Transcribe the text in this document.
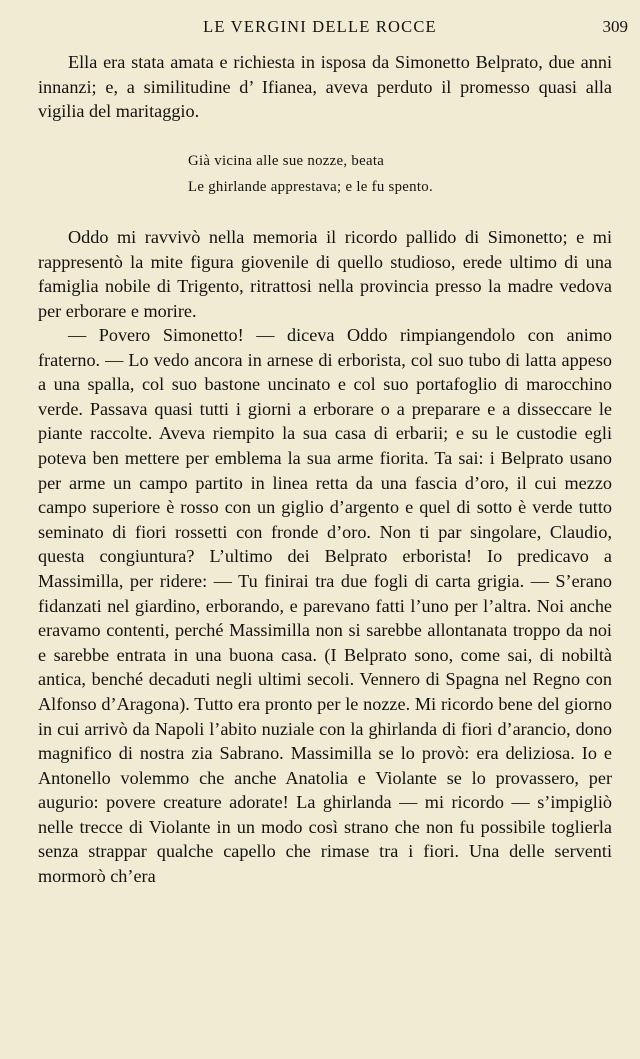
LE VERGINI DELLE ROCCE	309

Ella era stata amata e richiesta in isposa da Simonetto Belprato, due anni innanzi; e, a similitudine d’ Ifianea, aveva perduto il promesso quasi alla vigilia del maritaggio.

Già vicina alle sue nozze, beata
Le ghirlande apprestava; e le fu spento.

Oddo mi ravvivò nella memoria il ricordo pallido di Simonetto; e mi rappresentò la mite figura giovenile di quello studioso, erede ultimo di una famiglia nobile di Trigento, ritrattosi nella provincia presso la madre vedova per erborare e morire.

— Povero Simonetto! — diceva Oddo rimpiangendolo con animo fraterno. — Lo vedo ancora in arnese di erborista, col suo tubo di latta appeso a una spalla, col suo bastone uncinato e col suo portafoglio di marocchino verde. Passava quasi tutti i giorni a erborare o a preparare e a disseccare le piante raccolte. Aveva riempito la sua casa di erbarii; e su le custodie egli poteva ben mettere per emblema la sua arme fiorita. Ta sai: i Belprato usano per arme un campo partito in linea retta da una fascia d’oro, il cui mezzo campo superiore è rosso con un giglio d’argento e quel di sotto è verde tutto seminato di fiori rossetti con fronde d’oro. Non ti par singolare, Claudio, questa congiuntura? L’ultimo dei Belprato erborista! Io predicavo a Massimilla, per ridere: — Tu finirai tra due fogli di carta grigia. — S’erano fidanzati nel giardino, erborando, e parevano fatti l’uno per l’altra. Noi anche eravamo contenti, perché Massimilla non si sarebbe allontanata troppo da noi e sarebbe entrata in una buona casa. (I Belprato sono, come sai, di nobiltà antica, benché decaduti negli ultimi secoli. Vennero di Spagna nel Regno con Alfonso d’Aragona). Tutto era pronto per le nozze. Mi ricordo bene del giorno in cui arrivò da Napoli l’abito nuziale con la ghirlanda di fiori d’arancio, dono magnifico di nostra zia Sabrano. Massimilla se lo provò: era deliziosa. Io e Antonello volemmo che anche Anatolia e Violante se lo provassero, per augurio: povere creature adorate! La ghirlanda — mi ricordo — s’impigliò nelle trecce di Violante in un modo così strano che non fu possibile toglierla senza strappar qualche capello che rimase tra i fiori. Una delle serventi mormorò ch’era
